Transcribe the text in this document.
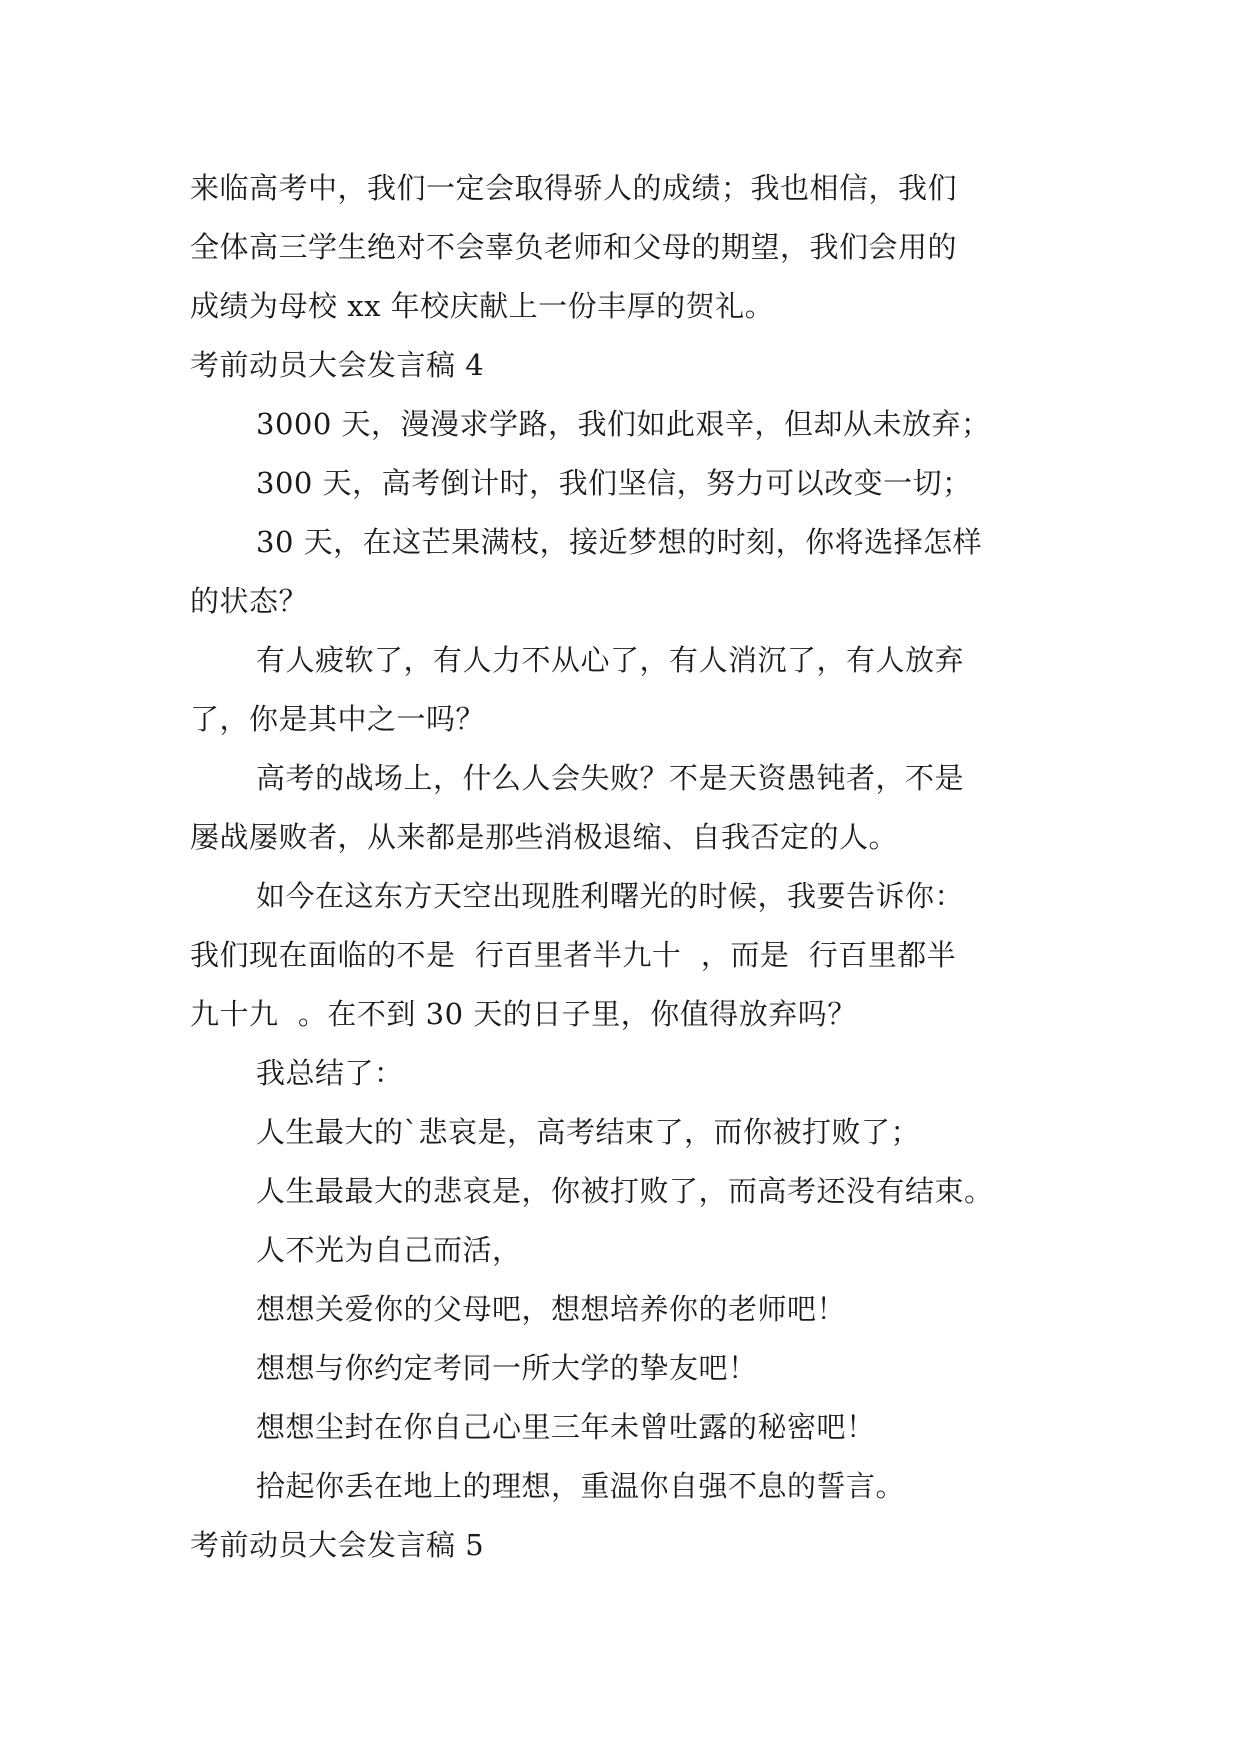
来临高考中，我们一定会取得骄人的成绩；我也相信，我们
全体高三学生绝对不会辜负老师和父母的期望，我们会用的
成绩为母校 xx 年校庆献上一份丰厚的贺礼。
考前动员大会发言稿 4
3000 天，漫漫求学路，我们如此艰辛，但却从未放弃；
300 天，高考倒计时，我们坚信，努力可以改变一切；
30 天，在这芒果满枝，接近梦想的时刻，你将选择怎样
的状态？
有人疲软了，有人力不从心了，有人消沉了，有人放弃
了，你是其中之一吗？
高考的战场上，什么人会失败？不是天资愚钝者，不是
屡战屡败者，从来都是那些消极退缩、自我否定的人。
如今在这东方天空出现胜利曙光的时候，我要告诉你：
我们现在面临的不是  行百里者半九十  ，而是  行百里都半
九十九  。在不到 30 天的日子里，你值得放弃吗？
我总结了：
人生最大的`悲哀是，高考结束了，而你被打败了；
人生最最大的悲哀是，你被打败了，而高考还没有结束。
人不光为自己而活，
想想关爱你的父母吧，想想培养你的老师吧！
想想与你约定考同一所大学的挚友吧！
想想尘封在你自己心里三年未曾吐露的秘密吧！
拾起你丢在地上的理想，重温你自强不息的誓言。
考前动员大会发言稿 5
